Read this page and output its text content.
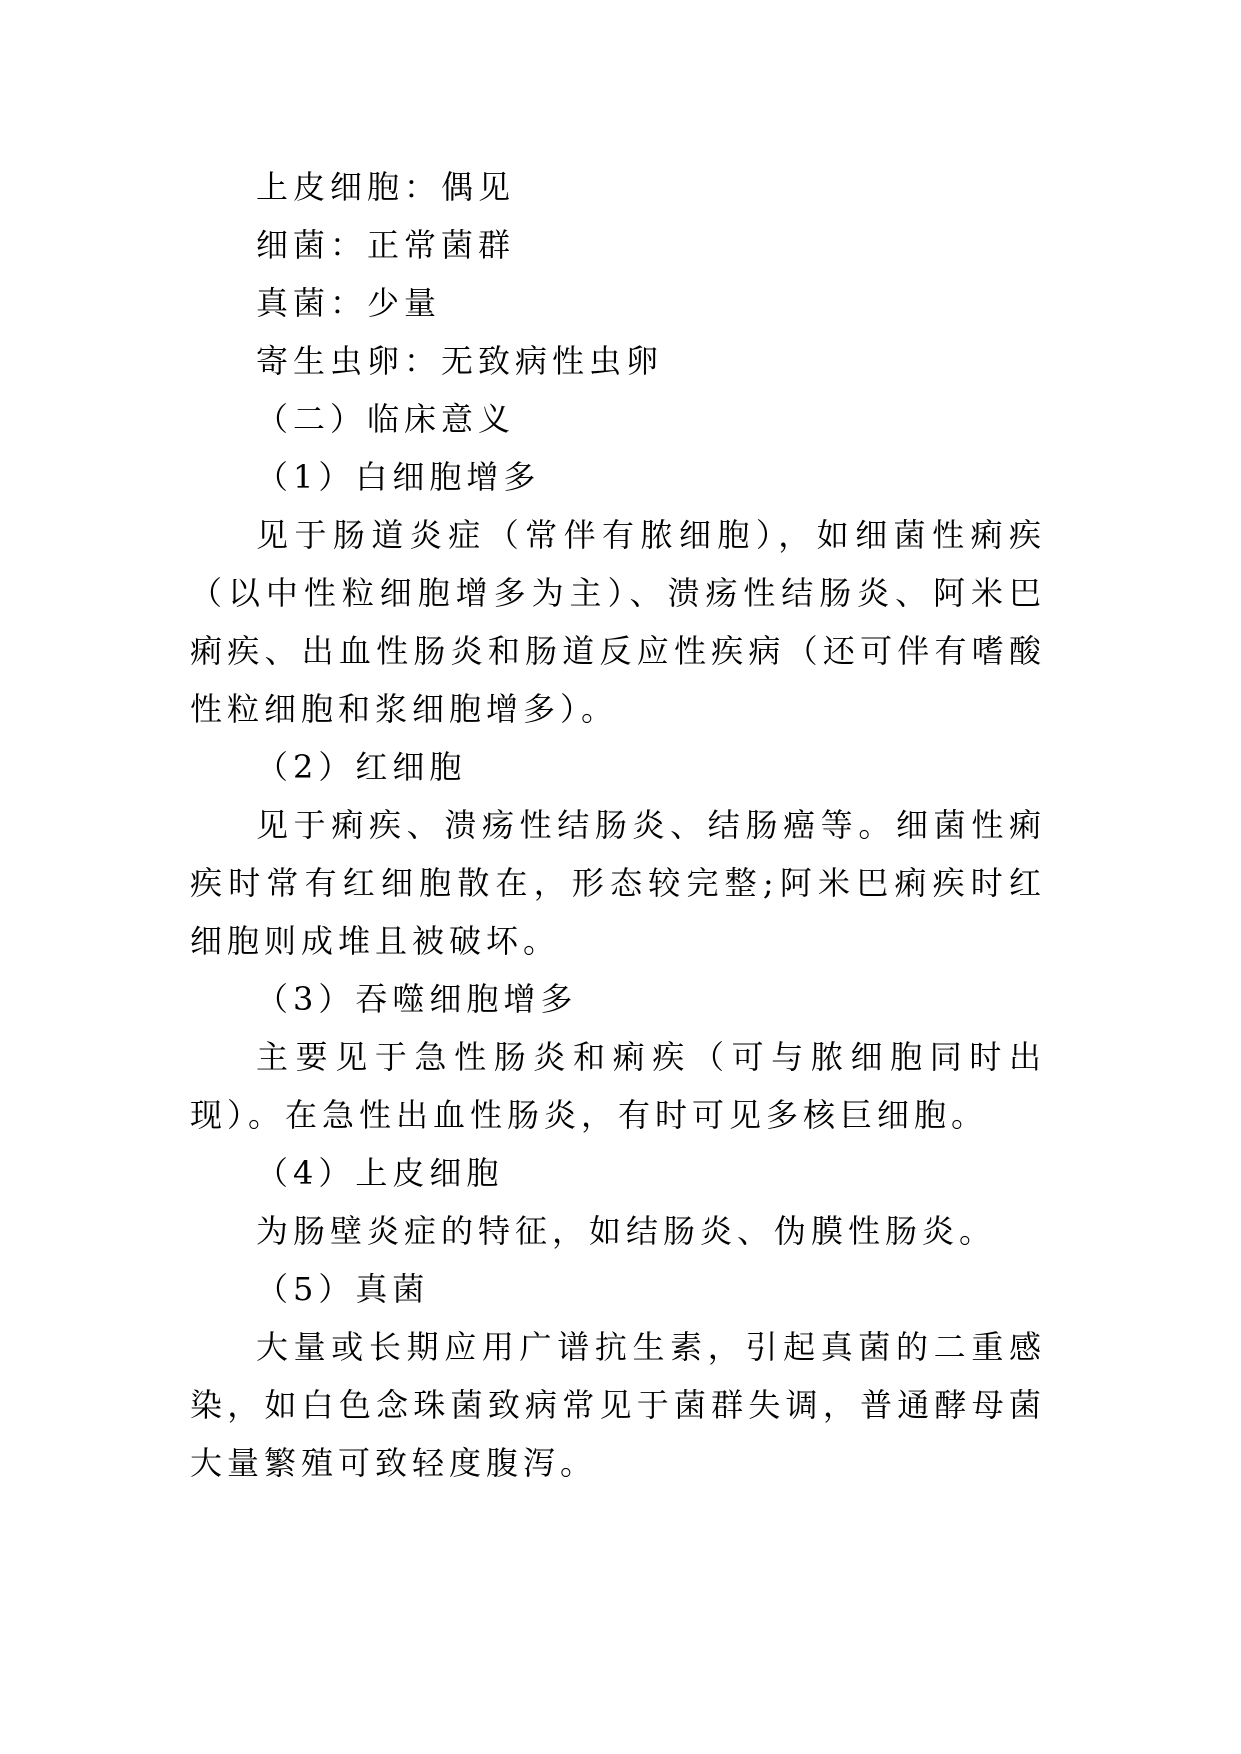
上皮细胞：偶见

细菌：正常菌群

真菌：少量

寄生虫卵：无致病性虫卵

（二）临床意义

（1）白细胞增多

见于肠道炎症（常伴有脓细胞），如细菌性痢疾（以中性粒细胞增多为主）、溃疡性结肠炎、阿米巴痢疾、出血性肠炎和肠道反应性疾病（还可伴有嗜酸性粒细胞和浆细胞增多）。

（2）红细胞

见于痢疾、溃疡性结肠炎、结肠癌等。细菌性痢疾时常有红细胞散在，形态较完整;阿米巴痢疾时红细胞则成堆且被破坏。

（3）吞噬细胞增多

主要见于急性肠炎和痢疾（可与脓细胞同时出现）。在急性出血性肠炎，有时可见多核巨细胞。

（4）上皮细胞

为肠壁炎症的特征，如结肠炎、伪膜性肠炎。

（5）真菌

大量或长期应用广谱抗生素，引起真菌的二重感染，如白色念珠菌致病常见于菌群失调，普通酵母菌大量繁殖可致轻度腹泻。
